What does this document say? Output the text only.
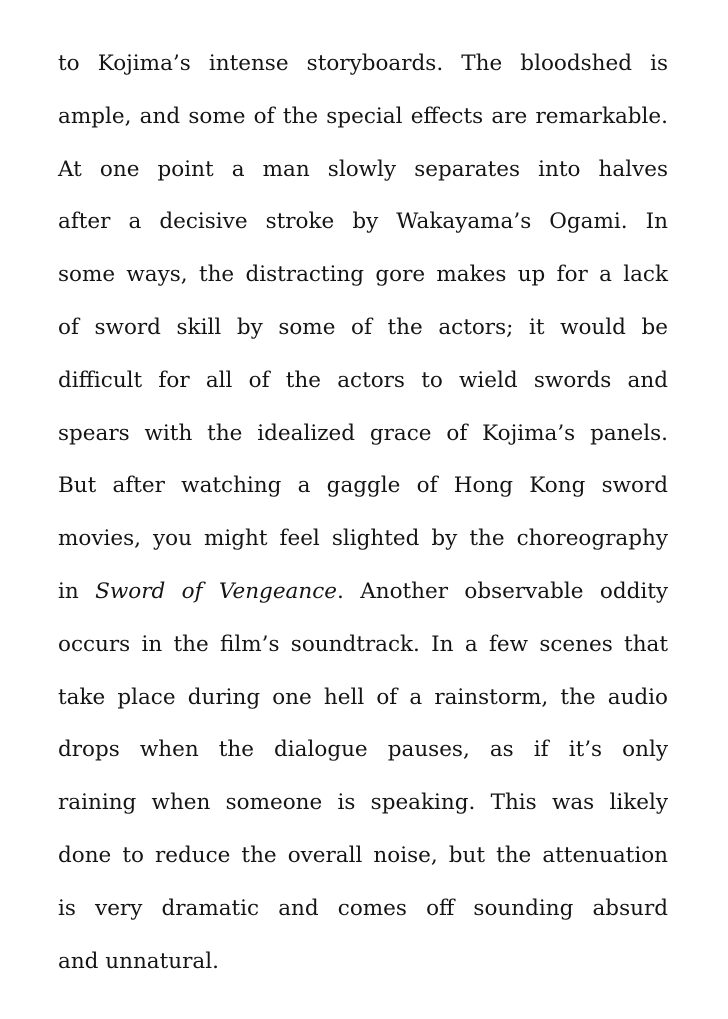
to Kojima’s intense storyboards. The bloodshed is
ample, and some of the special effects are remarkable.
At one point a man slowly separates into halves
after a decisive stroke by Wakayama’s Ogami. In
some ways, the distracting gore makes up for a lack
of sword skill by some of the actors; it would be
difficult for all of the actors to wield swords and
spears with the idealized grace of Kojima’s panels.
But after watching a gaggle of Hong Kong sword
movies, you might feel slighted by the choreography
in Sword of Vengeance. Another observable oddity
occurs in the film’s soundtrack. In a few scenes that
take place during one hell of a rainstorm, the audio
drops when the dialogue pauses, as if it’s only
raining when someone is speaking. This was likely
done to reduce the overall noise, but the attenuation
is very dramatic and comes off sounding absurd
and unnatural.
